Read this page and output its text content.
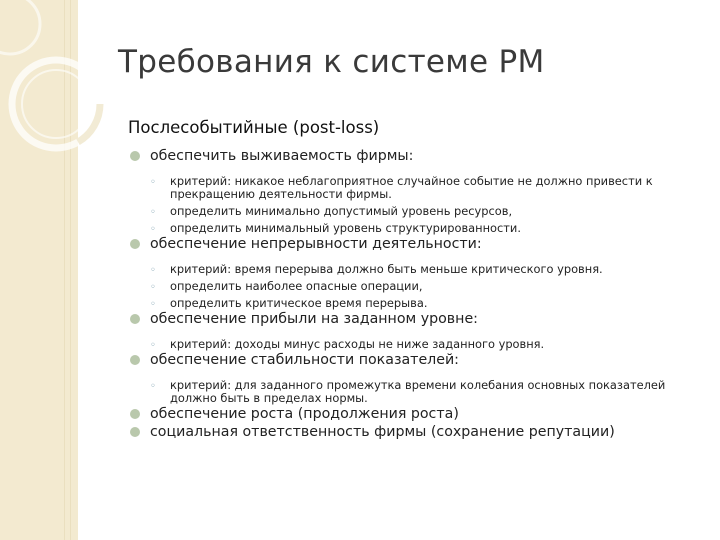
Требования к системе PM
Послесобытийные (post-loss)
обеспечить выживаемость фирмы:
◦ критерий: никакое неблагоприятное случайное событие не должно привести к прекращению деятельности фирмы.
◦ определить минимально допустимый уровень ресурсов,
◦ определить минимальный уровень структурированности.
обеспечение непрерывности деятельности:
◦ критерий: время перерыва должно быть меньше критического уровня.
◦ определить наиболее опасные операции,
◦ определить критическое время перерыва.
обеспечение прибыли на заданном уровне:
◦ критерий: доходы минус расходы не ниже заданного уровня.
обеспечение стабильности показателей:
◦ критерий: для заданного промежутка времени колебания основных показателей должно быть в пределах нормы.
обеспечение роста (продолжения роста)
социальная ответственность фирмы (сохранение репутации)
